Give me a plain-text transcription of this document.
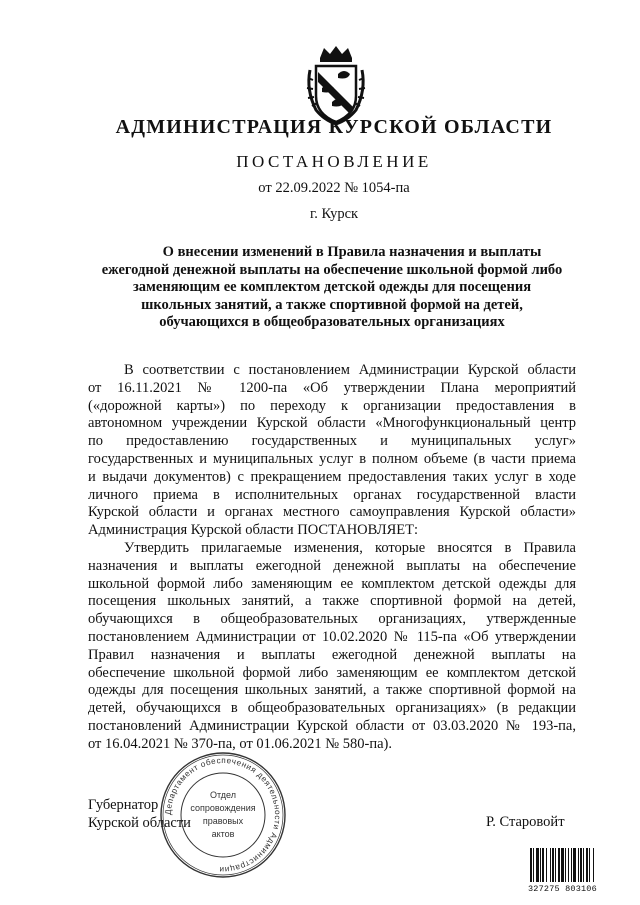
АДМИНИСТРАЦИЯ КУРСКОЙ ОБЛАСТИ
ПОСТАНОВЛЕНИЕ
от 22.09.2022 № 1054-па
г. Курск
О внесении изменений в Правила назначения и выплаты
ежегодной денежной выплаты на обеспечение школьной формой либо
заменяющим ее комплектом детской одежды для посещения
школьных занятий, а также спортивной формой на детей,
обучающихся в общеобразовательных организациях
В соответствии с постановлением Администрации Курской области
от 16.11.2021 № 1200-па «Об утверждении Плана мероприятий
(«дорожной карты») по переходу к организации предоставления в
автономном учреждении Курской области «Многофункциональный центр
по предоставлению государственных и муниципальных услуг»
государственных и муниципальных услуг в полном объеме (в части приема
и выдачи документов) с прекращением предоставления таких услуг в ходе
личного приема в исполнительных органах государственной власти
Курской области и органах местного самоуправления Курской области»
Администрация Курской области ПОСТАНОВЛЯЕТ:
Утвердить прилагаемые изменения, которые вносятся в Правила
назначения и выплаты ежегодной денежной выплаты на обеспечение
школьной формой либо заменяющим ее комплектом детской одежды для
посещения школьных занятий, а также спортивной формой на детей,
обучающихся в общеобразовательных организациях, утвержденные
постановлением Администрации от 10.02.2020 № 115-па «Об утверждении
Правил назначения и выплаты ежегодной денежной выплаты на
обеспечение школьной формой либо заменяющим ее комплектом детской
одежды для посещения школьных занятий, а также спортивной формой на
детей, обучающихся в общеобразовательных организациях» (в редакции
постановлений Администрации Курской области от 03.03.2020 № 193-па,
от 16.04.2021 № 370-па, от 01.06.2021 № 580-па).
Губернатор
Курской области	Р. Старовойт
Департамент обеспечения деятельности Администрации
Отдел
сопровождения
правовых
актов
327275 803106
